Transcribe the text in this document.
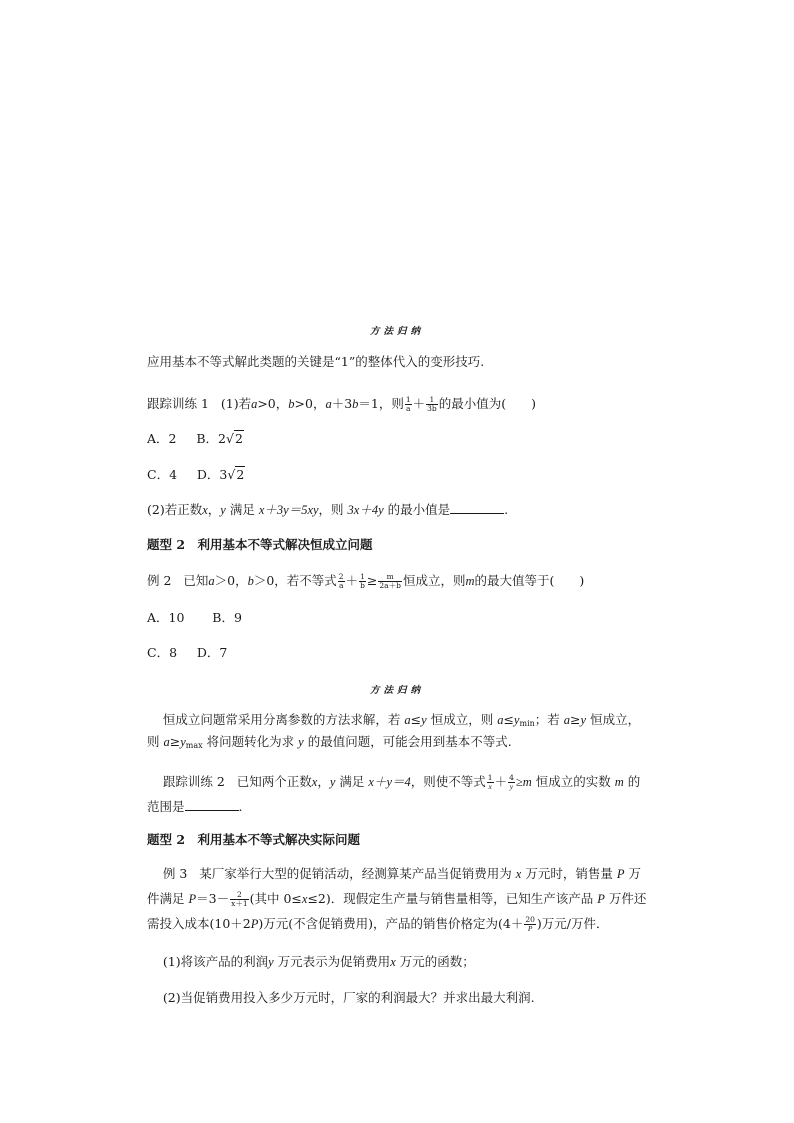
方法归纳
应用基本不等式解此类题的关键是“1”的整体代入的变形技巧.
跟踪训练 1 (1)若a>0，b>0，a＋3b＝1，则 $\frac{1}{a} + \frac{1}{3b}$ 的最小值为(　　)
A．2 B．2√2
C．4 D．3√2
(2)若正数x，y 满足 x＋3y＝5xy，则 3x＋4y 的最小值是	.
题型 2　利用基本不等式解决恒成立问题
例 2 已知a＞0，b＞0，若不等式 $\frac{2}{a} + \frac{1}{b} \ge \frac{m}{2a+b}$ 恒成立，则m的最大值等于(　　)
A．10 B．9
C．8 D．7
方法归纳
恒成立问题常采用分离参数的方法求解，若 a≤y 恒成立，则 $a\le y_{min}$；若 a≥y 恒成立，
则 $a\ge y_{max}$ 将问题转化为求 y 的最值问题，可能会用到基本不等式.
跟踪训练 2 已知两个正数x，y 满足 x＋y＝4，则使不等式 $\frac{1}{x} + \frac{4}{y} \ge m$ 恒成立的实数 m 的
范围是	.
题型 2　利用基本不等式解决实际问题
例 3 某厂家举行大型的促销活动，经测算某产品当促销费用为 x 万元时，销售量 P 万
件满足 $P=3- \frac{2}{x+1}$ (其中 0≤x≤2)．现假定生产量与销售量相等，已知生产该产品 P 万件还
需投入成本(10＋2P)万元(不含促销费用)，产品的销售价格定为($4+ \frac{20}{P}$ )万元/万件．
(1)将该产品的利润y 万元表示为促销费用x 万元的函数；
(2)当促销费用投入多少万元时，厂家的利润最大？并求出最大利润.
